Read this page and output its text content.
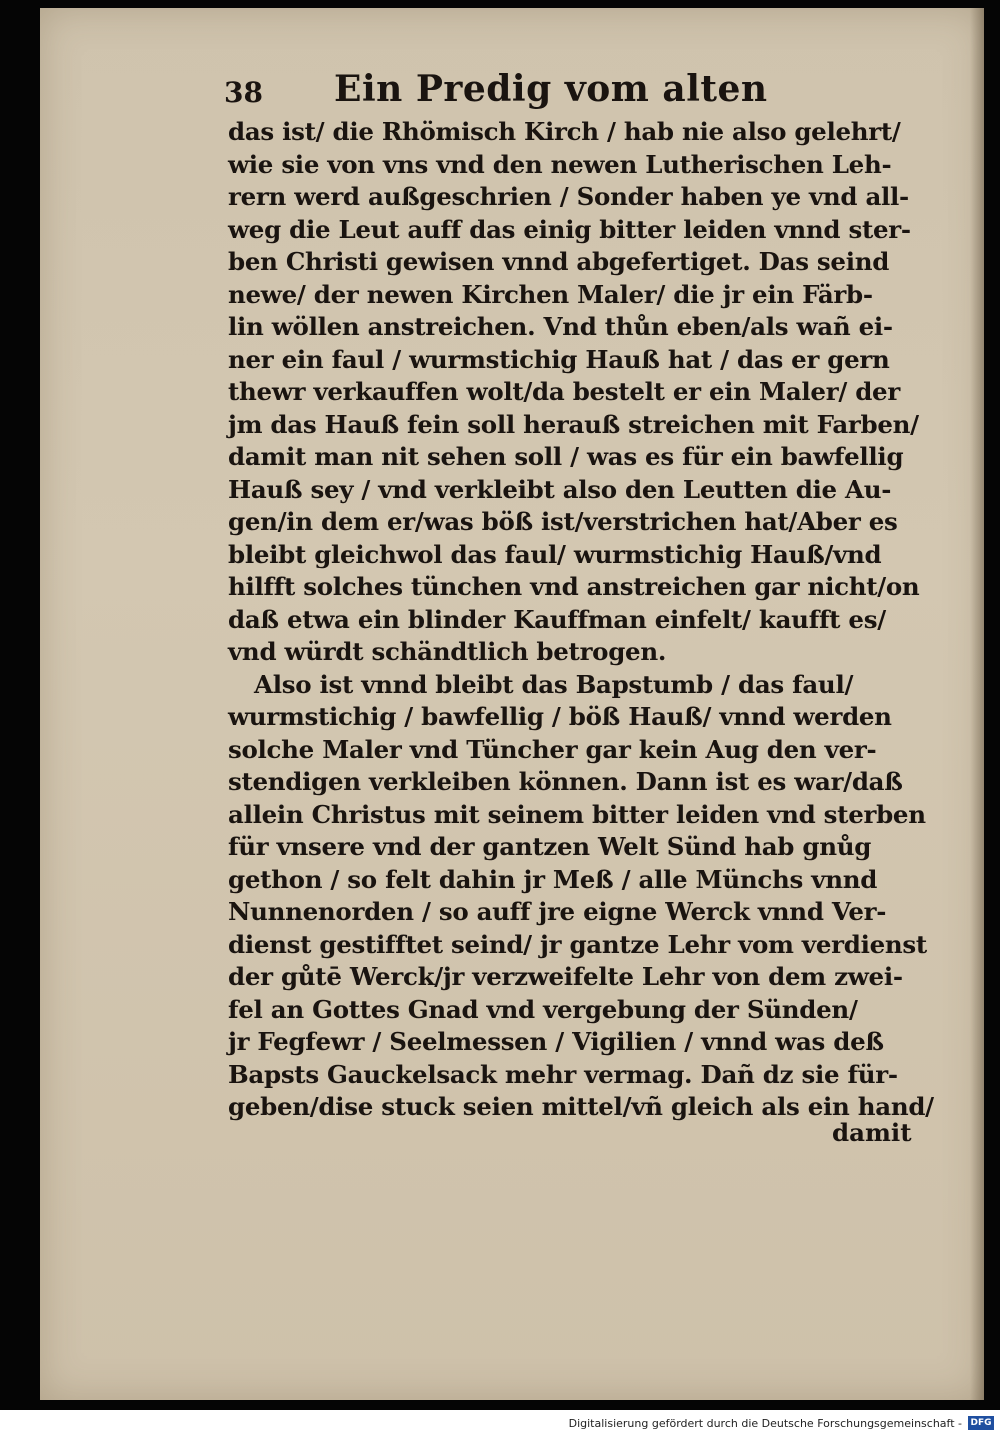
38 Ein Predig vom alten
das ist/ die Rhömisch Kirch / hab nie also gelehrt/
wie sie von vns vnd den newen Lutherischen Leh-
rern werd außgeschrien / Sonder haben ye vnd all-
weg die Leut auff das einig bitter leiden vnnd ster-
ben Christi gewisen vnnd abgefertiget. Das seind
newe/ der newen Kirchen Maler/ die jr ein Färb-
lin wöllen anstreichen. Vnd thůn eben/als wañ ei-
ner ein faul / wurmstichig Hauß hat / das er gern
thewr verkauffen wolt/da bestelt er ein Maler/ der
jm das Hauß fein soll herauß streichen mit Farben/
damit man nit sehen soll / was es für ein bawfellig
Hauß sey / vnd verkleibt also den Leutten die Au-
gen/in dem er/was böß ist/verstrichen hat/Aber es
bleibt gleichwol das faul/ wurmstichig Hauß/vnd
hilfft solches tünchen vnd anstreichen gar nicht/on
daß etwa ein blinder Kauffman einfelt/ kaufft es/
vnd würdt schändtlich betrogen.
Also ist vnnd bleibt das Bapstumb / das faul/
wurmstichig / bawfellig / böß Hauß/ vnnd werden
solche Maler vnd Tüncher gar kein Aug den ver-
stendigen verkleiben können. Dann ist es war/daß
allein Christus mit seinem bitter leiden vnd sterben
für vnsere vnd der gantzen Welt Sünd hab gnůg
gethon / so felt dahin jr Meß / alle Münchs vnnd
Nunnenorden / so auff jre eigne Werck vnnd Ver-
dienst gestifftet seind/ jr gantze Lehr vom verdienst
der gůtē Werck/jr verzweifelte Lehr von dem zwei-
fel an Gottes Gnad vnd vergebung der Sünden/
jr Fegfewr / Seelmessen / Vigilien / vnnd was deß
Bapsts Gauckelsack mehr vermag. Dañ dz sie für-
geben/dise stuck seien mittel/vñ gleich als ein hand/
damit
Digitalisierung gefördert durch die Deutsche Forschungsgemeinschaft - DFG
